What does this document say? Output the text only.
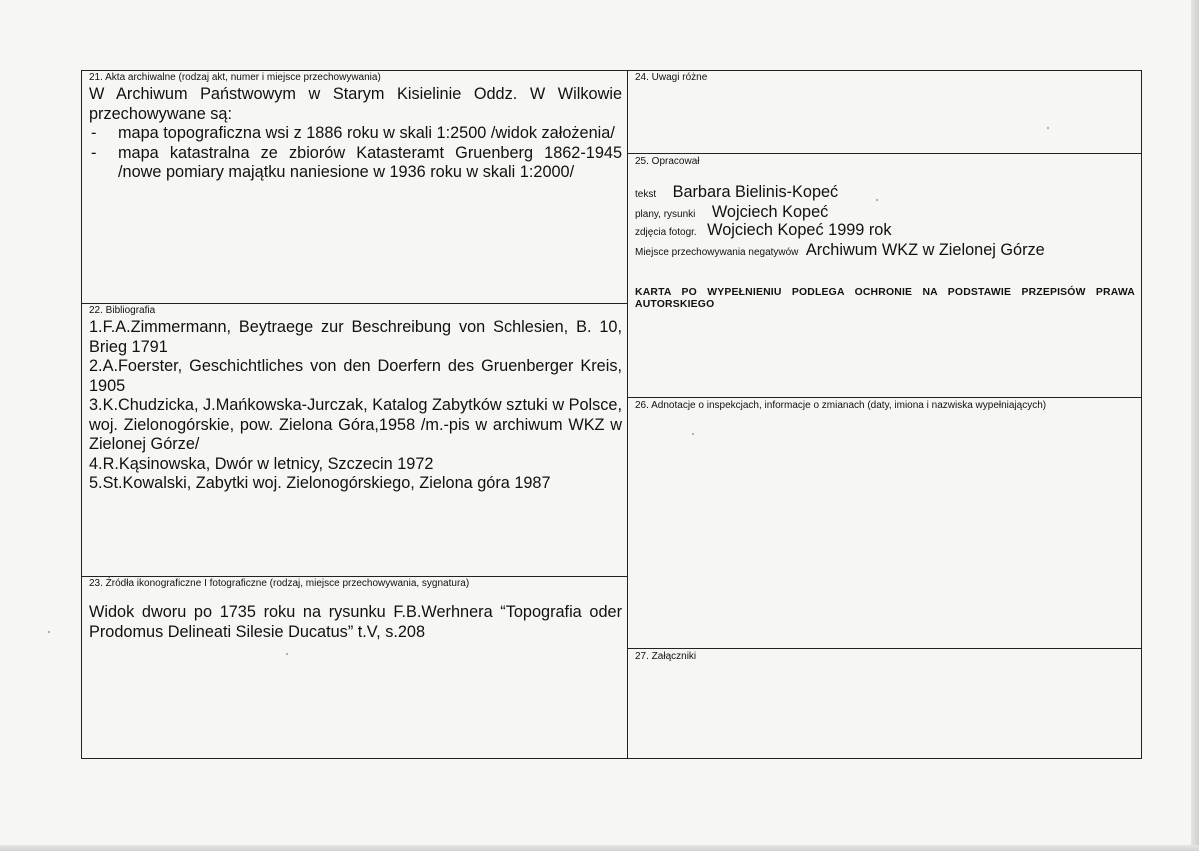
21. Akta archiwalne (rodzaj akt, numer i miejsce przechowywania)

W Archiwum Państwowym w Starym Kisielinie Oddz. W Wilkowie przechowywane są:

- mapa topograficzna wsi z 1886 roku w skali 1:2500 /widok założenia/
- mapa katastralna ze zbiorów Katasteramt Gruenberg 1862-1945 /nowe pomiary majątku naniesione w 1936 roku w skali 1:2000/
22. Bibliografia

1.F.A.Zimmermann, Beytraege zur Beschreibung von Schlesien, B. 10, Brieg 1791

2.A.Foerster, Geschichtliches von den Doerfern des Gruenberger Kreis, 1905

3.K.Chudzicka, J.Mańkowska-Jurczak, Katalog Zabytków sztuki w Polsce, woj. Zielonogórskie, pow. Zielona Góra,1958 /m.-pis w archiwum WKZ w Zielonej Górze/

4.R.Kąsinowska, Dwór w letnicy, Szczecin 1972

5.St.Kowalski, Zabytki woj. Zielonogórskiego, Zielona góra 1987

23. Źródła ikonograficzne I fotograficzne (rodzaj, miejsce przechowywania, sygnatura)
Widok dworu po 1735 roku na rysunku F.B.Werhnera “Topografia oder Prodomus Delineati Silesie Ducatus” t.V, s.208
24. Uwagi różne
25. Opracował
tekst Barbara Bielinis-Kopeć
plany, rysunki Wojciech Kopeć
zdjęcia fotogr. Wojciech Kopeć 1999 rok
Miejsce przechowywania negatywów Archiwum WKZ w Zielonej Górze
KARTA PO WYPEŁNIENIU PODLEGA OCHRONIE NA PODSTAWIE PRZEPISÓW PRAWA
AUTORSKIEGO
26. Adnotacje o inspekcjach, informacje o zmianach (daty, imiona i nazwiska wypełniających)
27. Załączniki
